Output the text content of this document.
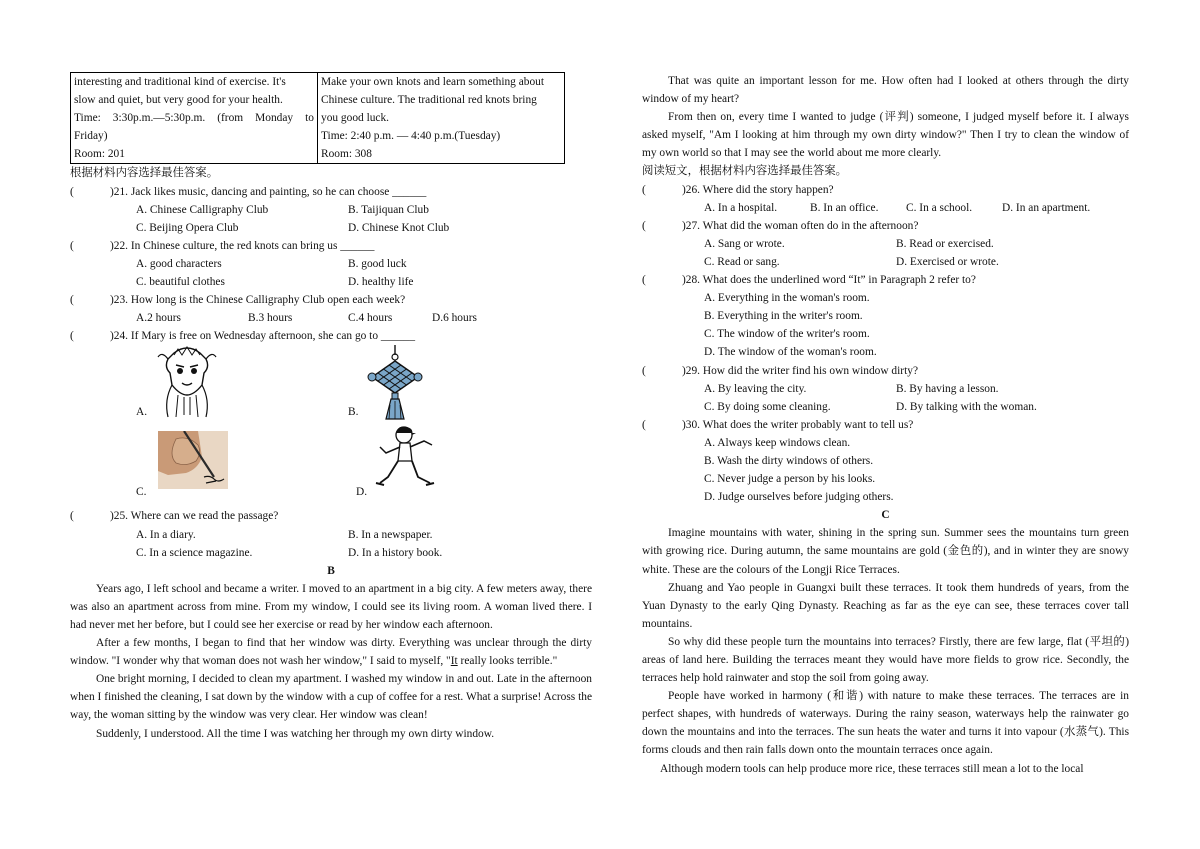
interesting and traditional kind of exercise. It's

slow and quiet, but very good for your health.

Time: 3:30p.m.—5:30p.m. (from Monday to

Friday)

Room: 201

Make your own knots and learn something about

Chinese culture. The traditional red knots bring

you good luck.

Time: 2:40 p.m. — 4:40 p.m.(Tuesday)

Room: 308

根据材料内容选择最佳答案。

(	)21. Jack likes music, dancing and painting, so he can choose ______
A. Chinese Calligraphy Club	B. Taijiquan Club
C. Beijing Opera Club	D. Chinese Knot Club
(	)22. In Chinese culture, the red knots can bring us ______
A. good characters	B. good luck
C. beautiful clothes	D. healthy life
(	)23. How long is the Chinese Calligraphy Club open each week?
A.2 hours	B.3 hours	C.4 hours	D.6 hours
(	)24. If Mary is free on Wednesday afternoon, she can go to ______
A.	B.
C.	D.
(	)25. Where can we read the passage?
A. In a diary.	B. In a newspaper.
C. In a science magazine.	D. In a history book.

B

Years ago, I left school and became a writer. I moved to an apartment in a big city. A few meters away, there was also an apartment across from mine. From my window, I could see its living room. A woman lived there. I had never met her before, but I could see her exercise or read by her window each afternoon.

After a few months, I began to find that her window was dirty. Everything was unclear through the dirty window. "I wonder why that woman does not wash her window," I said to myself, "It really looks terrible."

One bright morning, I decided to clean my apartment. I washed my window in and out. Late in the afternoon when I finished the cleaning, I sat down by the window with a cup of coffee for a rest. What a surprise! Across the way, the woman sitting by the window was very clear. Her window was clean!

Suddenly, I understood. All the time I was watching her through my own dirty window.

That was quite an important lesson for me. How often had I looked at others through the dirty window of my heart?

From then on, every time I wanted to judge (评判) someone, I judged myself before it. I always asked myself, "Am I looking at him through my own dirty window?" Then I try to clean the window of my own world so that I may see the world about me more clearly.

阅读短文，根据材料内容选择最佳答案。

(	)26. Where did the story happen?
A. In a hospital.	B. In an office.	C. In a school.	D. In an apartment.
(	)27. What did the woman often do in the afternoon?
A. Sang or wrote.	B. Read or exercised.
C. Read or sang.	D. Exercised or wrote.
(	)28. What does the underlined word “It” in Paragraph 2 refer to?

A. Everything in the woman's room.

B. Everything in the writer's room.

C. The window of the writer's room.

D. The window of the woman's room.

(	)29. How did the writer find his own window dirty?
A. By leaving the city.	B. By having a lesson.
C. By doing some cleaning.	D. By talking with the woman.
(	)30. What does the writer probably want to tell us?

A. Always keep windows clean.

B. Wash the dirty windows of others.

C. Never judge a person by his looks.

D. Judge ourselves before judging others.

C

Imagine mountains with water, shining in the spring sun. Summer sees the mountains turn green with growing rice. During autumn, the same mountains are gold (金色的), and in winter they are snowy white. These are the colours of the Longji Rice Terraces.

Zhuang and Yao people in Guangxi built these terraces. It took them hundreds of years, from the Yuan Dynasty to the early Qing Dynasty. Reaching as far as the eye can see, these terraces cover tall mountains.

So why did these people turn the mountains into terraces? Firstly, there are few large, flat (平坦的) areas of land here. Building the terraces meant they would have more fields to grow rice. Secondly, the terraces help hold rainwater and stop the soil from going away.

People have worked in harmony (和谐) with nature to make these terraces. The terraces are in perfect shapes, with hundreds of waterways. During the rainy season, waterways help the rainwater go down the mountains and into the terraces. The sun heats the water and turns it into vapour (水蒸气). This forms clouds and then rain falls down onto the mountain terraces once again.

Although modern tools can help produce more rice, these terraces still mean a lot to the local
